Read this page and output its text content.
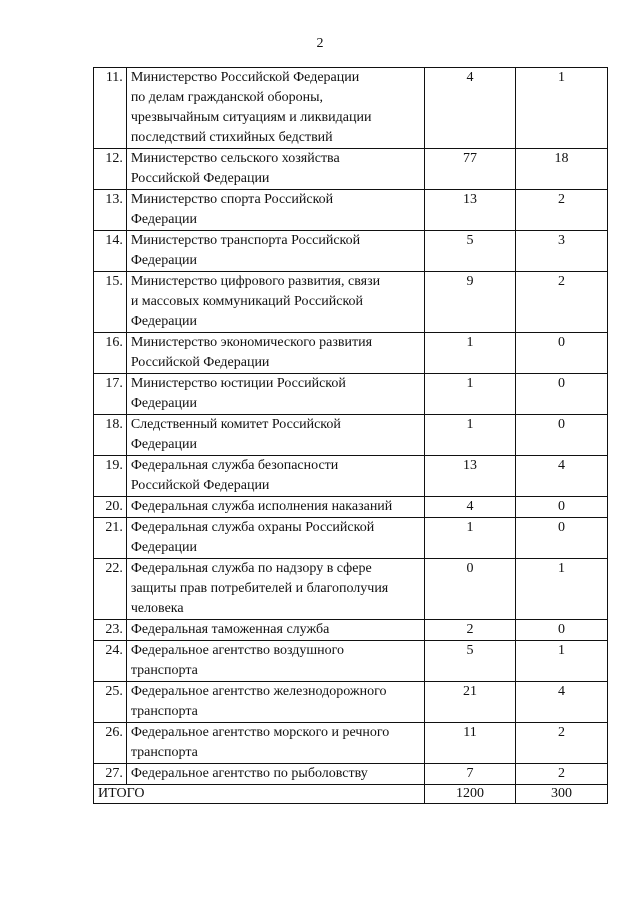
2
11.	Министерство Российской Федерации
по делам гражданской обороны,
чрезвычайным ситуациям и ликвидации
последствий стихийных бедствий	4	1
12.	Министерство сельского хозяйства
Российской Федерации	77	18
13.	Министерство спорта Российской
Федерации	13	2
14.	Министерство транспорта Российской
Федерации	5	3
15.	Министерство цифрового развития, связи
и массовых коммуникаций Российской
Федерации	9	2
16.	Министерство экономического развития
Российской Федерации	1	0
17.	Министерство юстиции Российской
Федерации	1	0
18.	Следственный комитет Российской
Федерации	1	0
19.	Федеральная служба безопасности
Российской Федерации	13	4
20.	Федеральная служба исполнения наказаний	4	0
21.	Федеральная служба охраны Российской
Федерации	1	0
22.	Федеральная служба по надзору в сфере
защиты прав потребителей и благополучия
человека	0	1
23.	Федеральная таможенная служба	2	0
24.	Федеральное агентство воздушного
транспорта	5	1
25.	Федеральное агентство железнодорожного
транспорта	21	4
26.	Федеральное агентство морского и речного
транспорта	11	2
27.	Федеральное агентство по рыболовству	7	2
ИТОГО		1200	300
